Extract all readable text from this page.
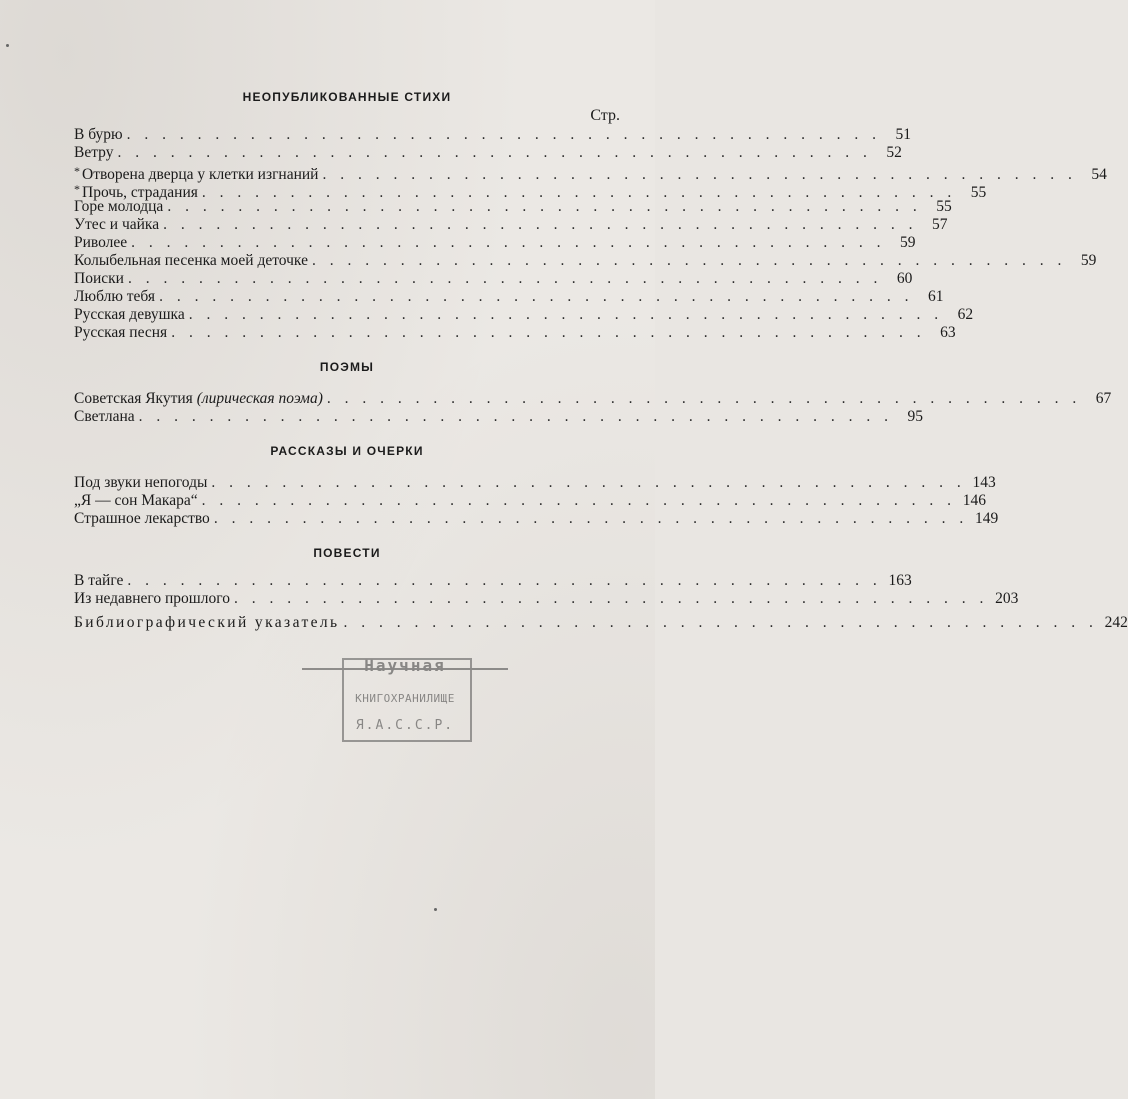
НЕОПУБЛИКОВАННЫЕ СТИХИ
Стр.
В бурю . . . . . . . . . . . . . . . . . . . . . . . . . . . . . . . . . . . . . . . . . . . 51
Ветру . . . . . . . . . . . . . . . . . . . . . . . . . . . . . . . . . . . . . . . . . . . 52
* Отворена дверца у клетки изгнаний . . . . . . . . . . . . . . . . . . . . . . . . . . . . . . . . . . . . . . . . . . . 54
* Прочь, страдания . . . . . . . . . . . . . . . . . . . . . . . . . . . . . . . . . . . . . . . . . . . 55
Горе молодца . . . . . . . . . . . . . . . . . . . . . . . . . . . . . . . . . . . . . . . . . . . 55
Утес и чайка . . . . . . . . . . . . . . . . . . . . . . . . . . . . . . . . . . . . . . . . . . . 57
Риволее . . . . . . . . . . . . . . . . . . . . . . . . . . . . . . . . . . . . . . . . . . . 59
Колыбельная песенка моей деточке . . . . . . . . . . . . . . . . . . . . . . . . . . . . . . . . . . . . . . . . . . . 59
Поиски . . . . . . . . . . . . . . . . . . . . . . . . . . . . . . . . . . . . . . . . . . . 60
Люблю тебя . . . . . . . . . . . . . . . . . . . . . . . . . . . . . . . . . . . . . . . . . . . 61
Русская девушка . . . . . . . . . . . . . . . . . . . . . . . . . . . . . . . . . . . . . . . . . . . 62
Русская песня . . . . . . . . . . . . . . . . . . . . . . . . . . . . . . . . . . . . . . . . . . . 63
ПОЭМЫ
Советская Якутия (лирическая поэма) . . . . . . . . . . . . . . . . . . . . . . . . . . . . . . . . . . . . . . . . . . . 67
Светлана . . . . . . . . . . . . . . . . . . . . . . . . . . . . . . . . . . . . . . . . . . . 95
РАССКАЗЫ И ОЧЕРКИ
Под звуки непогоды . . . . . . . . . . . . . . . . . . . . . . . . . . . . . . . . . . . . . . . . . . . 143
„Я — сон Макара“ . . . . . . . . . . . . . . . . . . . . . . . . . . . . . . . . . . . . . . . . . . . 146
Страшное лекарство . . . . . . . . . . . . . . . . . . . . . . . . . . . . . . . . . . . . . . . . . . . 149
ПОВЕСТИ
В тайге . . . . . . . . . . . . . . . . . . . . . . . . . . . . . . . . . . . . . . . . . . . 163
Из недавнего прошлого . . . . . . . . . . . . . . . . . . . . . . . . . . . . . . . . . . . . . . . . . . . 203
Библиографический указатель . . . . . . . . . . . . . . . . . . . . . . . . . . . . . . . . . . . . . . . . . . . 242
Научная
КНИГОХРАНИЛИЩЕ
Я.А.С.С.Р.
